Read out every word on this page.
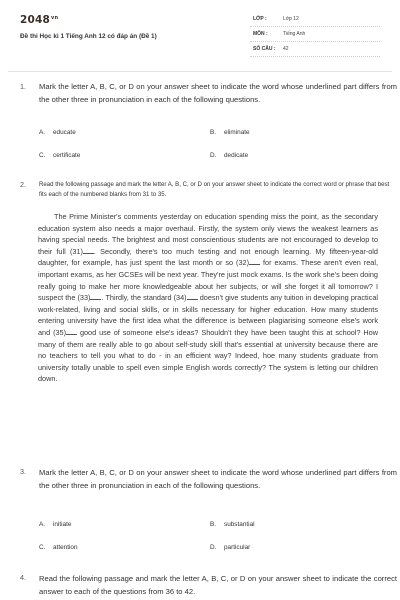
$2048^{vn}$
Đề thi Học kì 1 Tiếng Anh 12 có đáp án (Đề 1)
LỚP :	Lớp 12
MÔN :	Tiếng Anh
SỐ CÂU : 42
1. Mark the letter A, B, C, or D on your answer sheet to indicate the word whose underlined part differs from the other three in pronunciation in each of the following questions.
A. educate	B. eliminate
C. certificate	D. dedicate
2. Read the following passage and mark the letter A, B, C, or D on your answer sheet to indicate the correct word or phrase that best fits each of the numbered blanks from 31 to 35.

The Prime Minister's comments yesterday on education spending miss the point, as the secondary education system also needs a major overhaul. Firstly, the system only views the weakest learners as having special needs. The brightest and most conscientious students are not encouraged to develop to their full (31) . Secondly, there's too much testing and not enough learning. My fifteen-year-old daughter, for example, has just spent the last month or so (32) for exams. These aren't even real, important exams, as her GCSEs will be next year. They're just mock exams. Is the work she's been doing really going to make her more knowledgeable about her subjects, or will she forget it all tomorrow? I suspect the (33) . Thirdly, the standard (34) doesn't give students any tuition in developing practical work-related, living and social skills, or in skills necessary for higher education. How many students entering university have the first idea what the difference is between plagiarising someone else's work and (35) good use of someone else's ideas? Shouldn't they have been taught this at school? How many of them are really able to go about self-study skill that's essential at university because there are no teachers to tell you what to do - in an efficient way? Indeed, hoe many students graduate from university totally unable to spell even simple English words correctly? The system is letting our children down.

3. Mark the letter A, B, C, or D on your answer sheet to indicate the word whose underlined part differs from the other three in pronunciation in each of the following questions.
A. initiate	B. substantial
C. attention	D. particular
4. Read the following passage and mark the letter A, B, C, or D on your answer sheet to indicate the correct answer to each of the questions from 36 to 42.
